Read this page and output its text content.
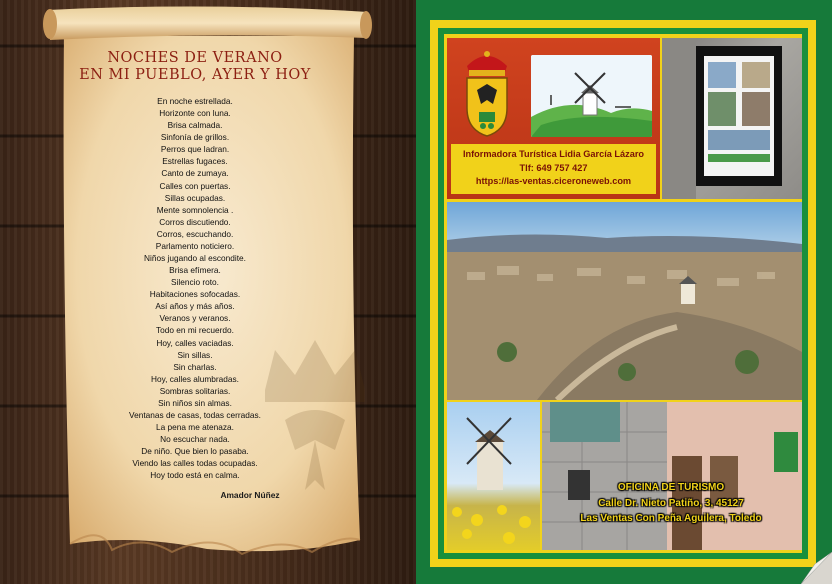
NOCHES DE VERANO
EN MI PUEBLO, AYER Y HOY
En noche estrellada.
Horizonte con luna.
Brisa calmada.
Sinfonía de grillos.
Perros que ladran.
Estrellas fugaces.
Canto de zumaya.
Calles con puertas.
Sillas ocupadas.
Mente somnolencia .
Corros discutiendo.
Corros, escuchando.
Parlamento noticiero.
Niños jugando al escondite.
Brisa efímera.
Silencio roto.
Habitaciones sofocadas.
Así años y más años.
Veranos y veranos.
Todo en mi recuerdo.
Hoy, calles vaciadas.
Sin sillas.
Sin charlas.
Hoy, calles alumbradas.
Sombras solitarias.
Sin niños sin almas.
Ventanas de casas, todas cerradas.
La pena me atenaza.
No escuchar nada.
De niño. Que bien lo pasaba.
Viendo las calles todas ocupadas.
Hoy todo está en calma.
Amador Núñez
Informadora Turística Lidia García Lázaro
Tlf: 649 757 427
https://las-ventas.ciceroneweb.com
OFICINA DE TURISMO
Calle Dr. Nieto Patiño, 3, 45127
Las Ventas Con Peña Aguilera, Toledo
